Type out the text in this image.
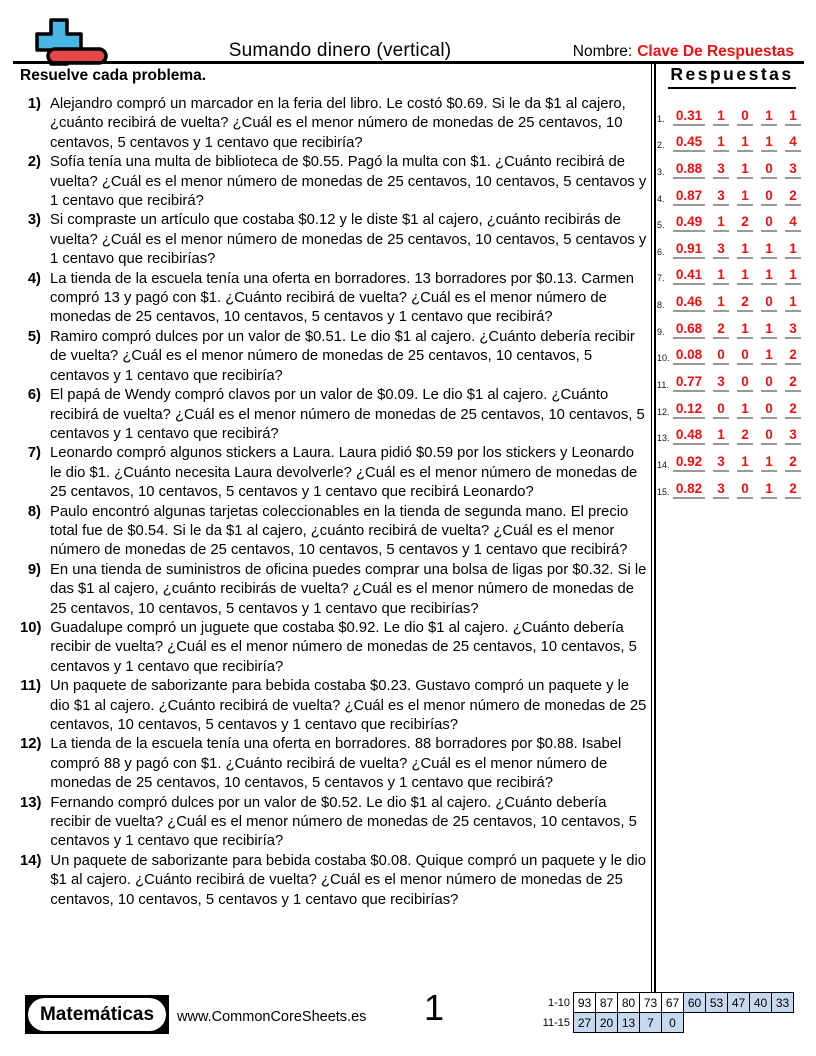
Sumando dinero (vertical)	Nombre: Clave De Respuestas
Resuelve cada problema.
1) Alejandro compró un marcador en la feria del libro. Le costó $0.69. Si le da $1 al cajero, ¿cuánto recibirá de vuelta? ¿Cuál es el menor número de monedas de 25 centavos, 10 centavos, 5 centavos y 1 centavo que recibiría?
2) Sofía tenía una multa de biblioteca de $0.55. Pagó la multa con $1. ¿Cuánto recibirá de vuelta? ¿Cuál es el menor número de monedas de 25 centavos, 10 centavos, 5 centavos y 1 centavo que recibirá?
3) Si compraste un artículo que costaba $0.12 y le diste $1 al cajero, ¿cuánto recibirás de vuelta? ¿Cuál es el menor número de monedas de 25 centavos, 10 centavos, 5 centavos y 1 centavo que recibirías?
4) La tienda de la escuela tenía una oferta en borradores. 13 borradores por $0.13. Carmen compró 13 y pagó con $1. ¿Cuánto recibirá de vuelta? ¿Cuál es el menor número de monedas de 25 centavos, 10 centavos, 5 centavos y 1 centavo que recibirá?
5) Ramiro compró dulces por un valor de $0.51. Le dio $1 al cajero. ¿Cuánto debería recibir de vuelta? ¿Cuál es el menor número de monedas de 25 centavos, 10 centavos, 5 centavos y 1 centavo que recibiría?
6) El papá de Wendy compró clavos por un valor de $0.09. Le dio $1 al cajero. ¿Cuánto recibirá de vuelta? ¿Cuál es el menor número de monedas de 25 centavos, 10 centavos, 5 centavos y 1 centavo que recibirá?
7) Leonardo compró algunos stickers a Laura. Laura pidió $0.59 por los stickers y Leonardo le dio $1. ¿Cuánto necesita Laura devolverle? ¿Cuál es el menor número de monedas de 25 centavos, 10 centavos, 5 centavos y 1 centavo que recibirá Leonardo?
8) Paulo encontró algunas tarjetas coleccionables en la tienda de segunda mano. El precio total fue de $0.54. Si le da $1 al cajero, ¿cuánto recibirá de vuelta? ¿Cuál es el menor número de monedas de 25 centavos, 10 centavos, 5 centavos y 1 centavo que recibirá?
9) En una tienda de suministros de oficina puedes comprar una bolsa de ligas por $0.32. Si le das $1 al cajero, ¿cuánto recibirás de vuelta? ¿Cuál es el menor número de monedas de 25 centavos, 10 centavos, 5 centavos y 1 centavo que recibirías?
10) Guadalupe compró un juguete que costaba $0.92. Le dio $1 al cajero. ¿Cuánto debería recibir de vuelta? ¿Cuál es el menor número de monedas de 25 centavos, 10 centavos, 5 centavos y 1 centavo que recibiría?
11) Un paquete de saborizante para bebida costaba $0.23. Gustavo compró un paquete y le dio $1 al cajero. ¿Cuánto recibirá de vuelta? ¿Cuál es el menor número de monedas de 25 centavos, 10 centavos, 5 centavos y 1 centavo que recibirías?
12) La tienda de la escuela tenía una oferta en borradores. 88 borradores por $0.88. Isabel compró 88 y pagó con $1. ¿Cuánto recibirá de vuelta? ¿Cuál es el menor número de monedas de 25 centavos, 10 centavos, 5 centavos y 1 centavo que recibirá?
13) Fernando compró dulces por un valor de $0.52. Le dio $1 al cajero. ¿Cuánto debería recibir de vuelta? ¿Cuál es el menor número de monedas de 25 centavos, 10 centavos, 5 centavos y 1 centavo que recibiría?
14) Un paquete de saborizante para bebida costaba $0.08. Quique compró un paquete y le dio $1 al cajero. ¿Cuánto recibirá de vuelta? ¿Cuál es el menor número de monedas de 25 centavos, 10 centavos, 5 centavos y 1 centavo que recibirías?
Respuestas
1. 0.31	1	0	1	1
2. 0.45	1	1	1	4
3. 0.88	3	1	0	3
4. 0.87	3	1	0	2
5. 0.49	1	2	0	4
6. 0.91	3	1	1	1
7. 0.41	1	1	1	1
8. 0.46	1	2	0	1
9. 0.68	2	1	1	3
10. 0.08	0	0	1	2
11. 0.77	3	0	0	2
12. 0.12	0	1	0	2
13. 0.48	1	2	0	3
14. 0.92	3	1	1	2
15. 0.82	3	0	1	2
Matemáticas	www.CommonCoreSheets.es 1	1-10 93 87 80 73 67 60 53 47 40 33
11-15 27 20 13 7	0
